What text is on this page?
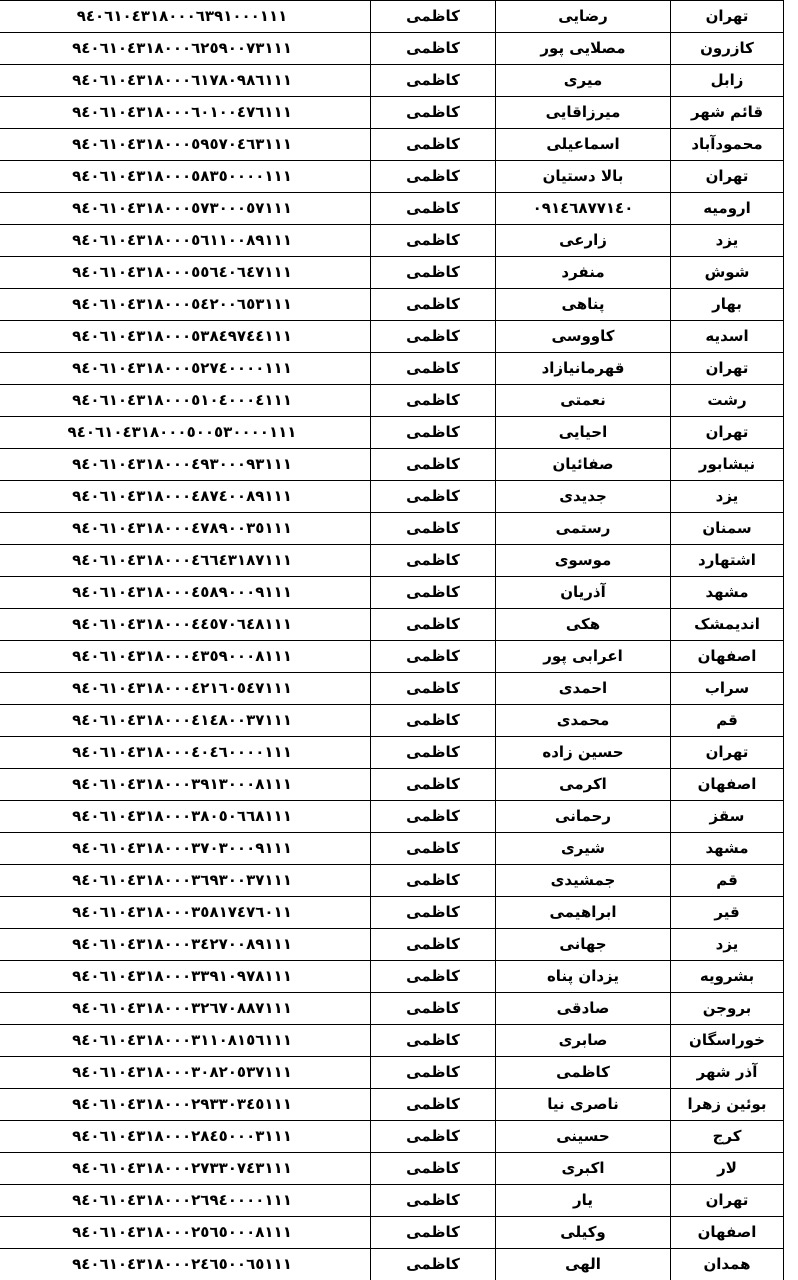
تهران	رضایی	کاظمی	٩٤٠٦١٠٤٣١٨٠٠٠٦٣٩١٠٠٠١١١
کازرون	مصلایی پور	کاظمی	٩٤٠٦١٠٤٣١٨٠٠٠٦٢٥٩٠٠٧٣١١١
زابل	میری	کاظمی	٩٤٠٦١٠٤٣١٨٠٠٠٦١٧٨٠٩٨٦١١١
قائم شهر	میرزاقایی	کاظمی	٩٤٠٦١٠٤٣١٨٠٠٠٦٠١٠٠٤٧٦١١١
محمودآباد	اسماعیلی	کاظمی	٩٤٠٦١٠٤٣١٨٠٠٠٥٩٥٧٠٤٦٣١١١
تهران	بالا دستیان	کاظمی	٩٤٠٦١٠٤٣١٨٠٠٠٥٨٣٥٠٠٠٠١١١
ارومیه	٠٩١٤٦٨٧٧١٤٠	کاظمی	٩٤٠٦١٠٤٣١٨٠٠٠٥٧٣٠٠٠٥٧١١١
یزد	زارعی	کاظمی	٩٤٠٦١٠٤٣١٨٠٠٠٥٦١١٠٠٨٩١١١
شوش	منفرد	کاظمی	٩٤٠٦١٠٤٣١٨٠٠٠٥٥٦٤٠٦٤٧١١١
بهار	پناهی	کاظمی	٩٤٠٦١٠٤٣١٨٠٠٠٥٤٢٠٠٦٥٣١١١
اسدیه	کاووسی	کاظمی	٩٤٠٦١٠٤٣١٨٠٠٠٥٣٨٤٩٧٤٤١١١
تهران	قهرمانیازاد	کاظمی	٩٤٠٦١٠٤٣١٨٠٠٠٥٢٧٤٠٠٠٠١١١
رشت	نعمتی	کاظمی	٩٤٠٦١٠٤٣١٨٠٠٠٥١٠٤٠٠٠٤١١١
تهران	احیایی	کاظمی	٩٤٠٦١٠٤٣١٨٠٠٠٥٠٠٥٣٠٠٠٠١١١
نیشابور	صفائیان	کاظمی	٩٤٠٦١٠٤٣١٨٠٠٠٤٩٣٠٠٠٩٣١١١
یزد	جدیدی	کاظمی	٩٤٠٦١٠٤٣١٨٠٠٠٤٨٧٤٠٠٨٩١١١
سمنان	رستمی	کاظمی	٩٤٠٦١٠٤٣١٨٠٠٠٤٧٨٩٠٠٣٥١١١
اشتهارد	موسوی	کاظمی	٩٤٠٦١٠٤٣١٨٠٠٠٤٦٦٤٣١٨٧١١١
مشهد	آذریان	کاظمی	٩٤٠٦١٠٤٣١٨٠٠٠٤٥٨٩٠٠٠٩١١١
اندیمشک	هکی	کاظمی	٩٤٠٦١٠٤٣١٨٠٠٠٤٤٥٧٠٦٤٨١١١
اصفهان	اعرابی پور	کاظمی	٩٤٠٦١٠٤٣١٨٠٠٠٤٣٥٩٠٠٠٨١١١
سراب	احمدی	کاظمی	٩٤٠٦١٠٤٣١٨٠٠٠٤٢١٦٠٥٤٧١١١
قم	محمدی	کاظمی	٩٤٠٦١٠٤٣١٨٠٠٠٤١٤٨٠٠٣٧١١١
تهران	حسین زاده	کاظمی	٩٤٠٦١٠٤٣١٨٠٠٠٤٠٤٦٠٠٠٠١١١
اصفهان	اکرمی	کاظمی	٩٤٠٦١٠٤٣١٨٠٠٠٣٩١٣٠٠٠٨١١١
سقز	رحمانی	کاظمی	٩٤٠٦١٠٤٣١٨٠٠٠٣٨٠٥٠٦٦٨١١١
مشهد	شیری	کاظمی	٩٤٠٦١٠٤٣١٨٠٠٠٣٧٠٣٠٠٠٩١١١
قم	جمشیدی	کاظمی	٩٤٠٦١٠٤٣١٨٠٠٠٣٦٩٣٠٠٣٧١١١
قیر	ابراهیمی	کاظمی	٩٤٠٦١٠٤٣١٨٠٠٠٣٥٨١٧٤٧٦٠١١
یزد	جهانی	کاظمی	٩٤٠٦١٠٤٣١٨٠٠٠٣٤٢٧٠٠٨٩١١١
بشرویه	یزدان پناه	کاظمی	٩٤٠٦١٠٤٣١٨٠٠٠٣٣٩١٠٩٧٨١١١
بروجن	صادقی	کاظمی	٩٤٠٦١٠٤٣١٨٠٠٠٣٢٦٧٠٨٨٧١١١
خوراسگان	صابری	کاظمی	٩٤٠٦١٠٤٣١٨٠٠٠٣١١٠٨١٥٦١١١
آذر شهر	کاظمی	کاظمی	٩٤٠٦١٠٤٣١٨٠٠٠٣٠٨٢٠٥٣٧١١١
بوئین زهرا	ناصری نیا	کاظمی	٩٤٠٦١٠٤٣١٨٠٠٠٢٩٣٣٠٣٤٥١١١
کرج	حسینی	کاظمی	٩٤٠٦١٠٤٣١٨٠٠٠٢٨٤٥٠٠٠٣١١١
لار	اکبری	کاظمی	٩٤٠٦١٠٤٣١٨٠٠٠٢٧٣٣٠٧٤٣١١١
تهران	یار	کاظمی	٩٤٠٦١٠٤٣١٨٠٠٠٢٦٩٤٠٠٠٠١١١
اصفهان	وکیلی	کاظمی	٩٤٠٦١٠٤٣١٨٠٠٠٢٥٦٥٠٠٠٨١١١
همدان	الهی	کاظمی	٩٤٠٦١٠٤٣١٨٠٠٠٢٤٦٥٠٠٦٥١١١
